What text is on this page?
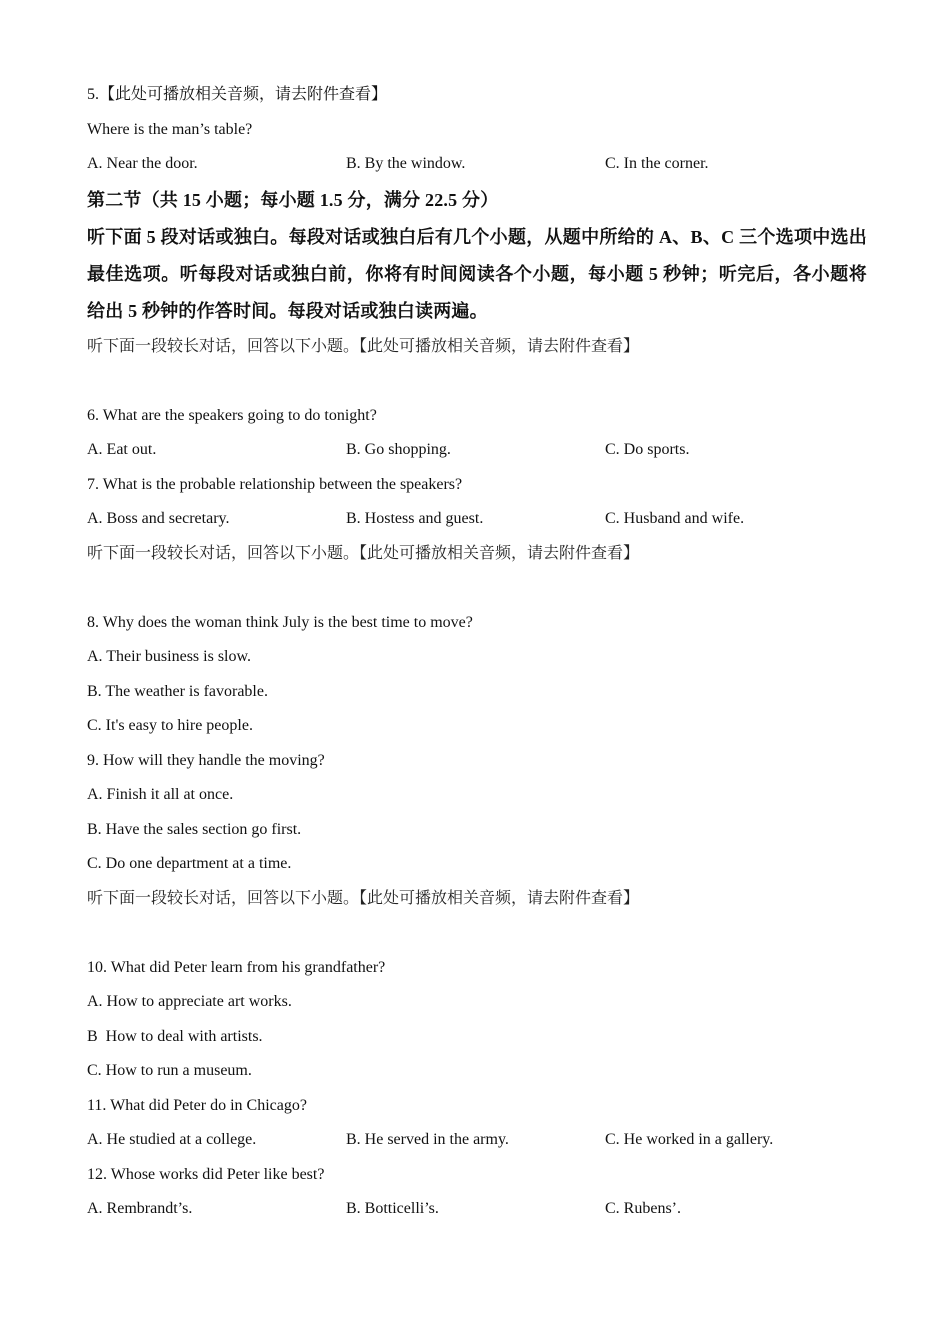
5.【此处可播放相关音频，请去附件查看】
Where is the man’s table?
A. Near the door.	B. By the window.	C. In the corner.
第二节（共 15 小题；每小题 1.5 分，满分 22.5 分）
听下面 5 段对话或独白。每段对话或独白后有几个小题，从题中所给的 A、B、C 三个选项中选出最佳选项。听每段对话或独白前，你将有时间阅读各个小题，每小题 5 秒钟；听完后，各小题将给出 5 秒钟的作答时间。每段对话或独白读两遍。
听下面一段较长对话，回答以下小题。【此处可播放相关音频，请去附件查看】
6. What are the speakers going to do tonight?
A. Eat out.	B. Go shopping.	C. Do sports.
7. What is the probable relationship between the speakers?
A. Boss and secretary.	B. Hostess and guest.	C. Husband and wife.
听下面一段较长对话，回答以下小题。【此处可播放相关音频，请去附件查看】
8. Why does the woman think July is the best time to move?
A. Their business is slow.
B. The weather is favorable.
C. It's easy to hire people.
9. How will they handle the moving?
A. Finish it all at once.
B. Have the sales section go first.
C. Do one department at a time.
听下面一段较长对话，回答以下小题。【此处可播放相关音频，请去附件查看】
10. What did Peter learn from his grandfather?
A. How to appreciate art works.
B  How to deal with artists.
C. How to run a museum.
11. What did Peter do in Chicago?
A. He studied at a college.	B. He served in the army.	C. He worked in a gallery.
12. Whose works did Peter like best?
A. Rembrandt’s.	B. Botticelli’s.	C. Rubens’.
